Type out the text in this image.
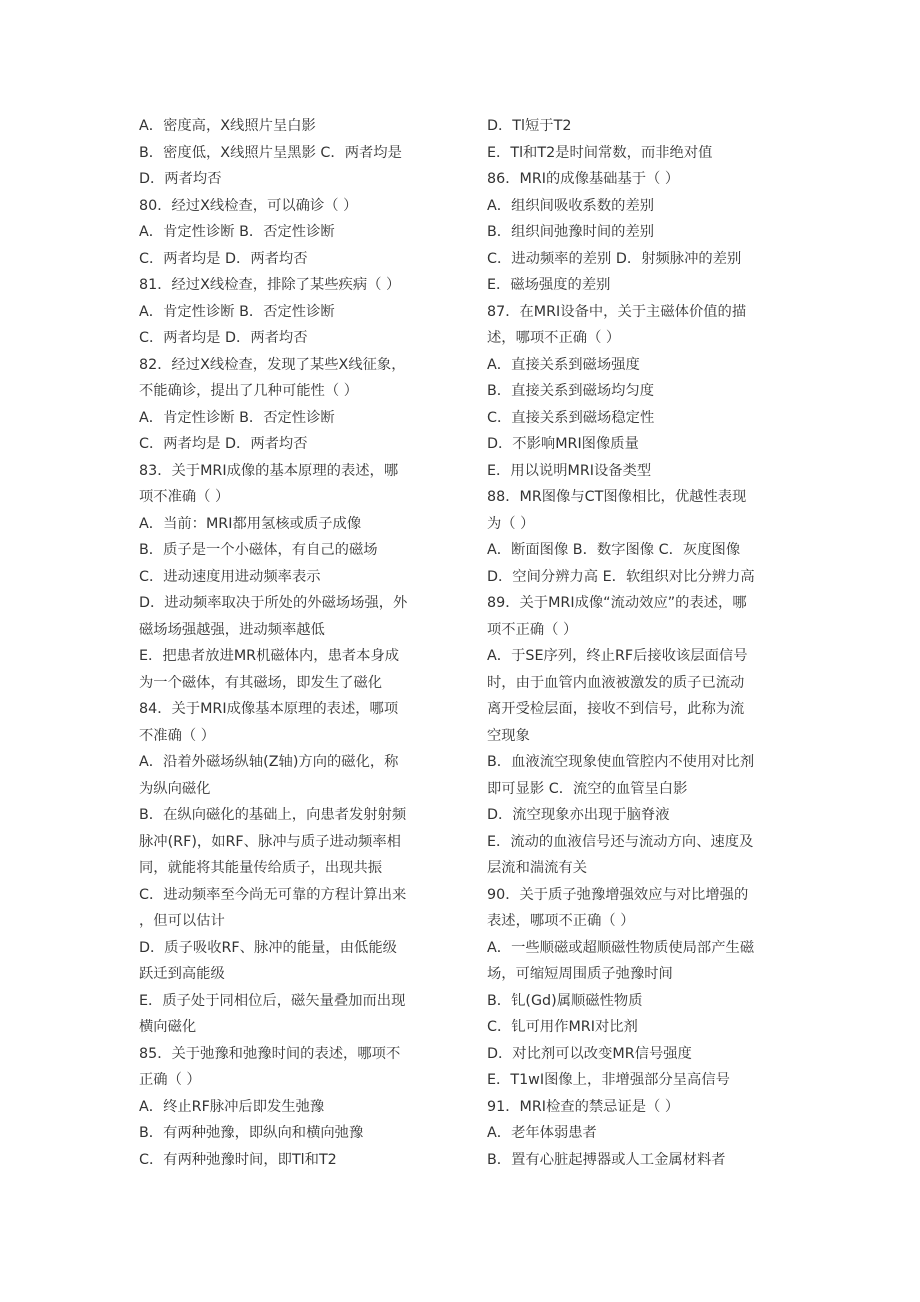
A．密度高，X线照片呈白影
B．密度低，X线照片呈黑影 C．两者均是
D．两者均否
80．经过X线检查，可以确诊（ ）
A．肯定性诊断 B．否定性诊断
C．两者均是 D．两者均否
81．经过X线检查，排除了某些疾病（ ）
A．肯定性诊断 B．否定性诊断
C．两者均是 D．两者均否
82．经过X线检查，发现了某些X线征象，
不能确诊，提出了几种可能性（ ）
A．肯定性诊断 B．否定性诊断
C．两者均是 D．两者均否
83．关于MRI成像的基本原理的表述，哪
项不准确（ ）
A．当前：MRI都用氢核或质子成像
B．质子是一个小磁体，有自己的磁场
C．进动速度用进动频率表示
D．进动频率取决于所处的外磁场场强，外
磁场场强越强，进动频率越低
E．把患者放进MR机磁体内，患者本身成
为一个磁体，有其磁场，即发生了磁化
84．关于MRI成像基本原理的表述，哪项
不准确（ ）
A．沿着外磁场纵轴(Z轴)方向的磁化，称
为纵向磁化
B．在纵向磁化的基础上，向患者发射射频
脉冲(RF)，如RF、脉冲与质子进动频率相
同，就能将其能量传给质子，出现共振
C．进动频率至今尚无可靠的方程计算出来
，但可以估计
D．质子吸收RF、脉冲的能量，由低能级
跃迁到高能级
E．质子处于同相位后，磁矢量叠加而出现
横向磁化
85．关于弛豫和弛豫时间的表述，哪项不
正确（ ）
A．终止RF脉冲后即发生弛豫
B．有两种弛豫，即纵向和横向弛豫
C．有两种弛豫时间，即Tl和T2
D．Tl短于T2
E．Tl和T2是时间常数，而非绝对值
86．MRI的成像基础基于（ ）
A．组织间吸收系数的差别
B．组织间弛豫时间的差别
C．进动频率的差别 D．射频脉冲的差别
E．磁场强度的差别
87．在MRI设备中，关于主磁体价值的描
述，哪项不正确（ ）
A．直接关系到磁场强度
B．直接关系到磁场均匀度
C．直接关系到磁场稳定性
D．不影响MRI图像质量
E．用以说明MRI设备类型
88．MR图像与CT图像相比，优越性表现
为（ ）
A．断面图像 B．数字图像 C．灰度图像
D．空间分辨力高 E．软组织对比分辨力高
89．关于MRI成像“流动效应”的表述，哪
项不正确（ ）
A．于SE序列，终止RF后接收该层面信号
时，由于血管内血液被激发的质子已流动
离开受检层面，接收不到信号，此称为流
空现象
B．血液流空现象使血管腔内不使用对比剂
即可显影 C．流空的血管呈白影
D．流空现象亦出现于脑脊液
E．流动的血液信号还与流动方向、速度及
层流和湍流有关
90．关于质子弛豫增强效应与对比增强的
表述，哪项不正确（ ）
A．一些顺磁或超顺磁性物质使局部产生磁
场，可缩短周围质子弛豫时间
B．钆(Gd)属顺磁性物质
C．钆可用作MRI对比剂
D．对比剂可以改变MR信号强度
E．T1wI图像上，非增强部分呈高信号
91．MRI检查的禁忌证是（ ）
A．老年体弱患者
B．置有心脏起搏器或人工金属材料者
